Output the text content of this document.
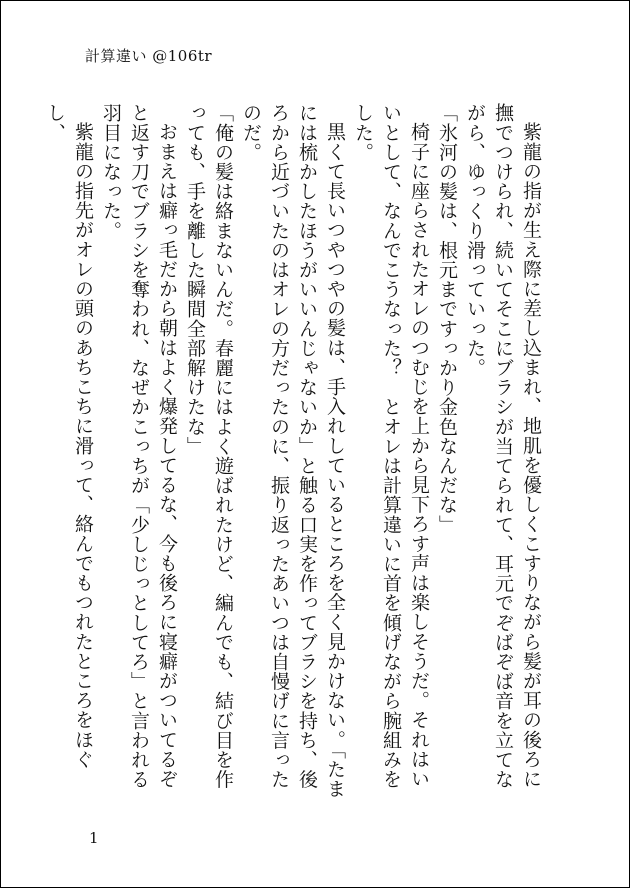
計算違い @106tr

紫龍の指が生え際に差し込まれ、地肌を優しくこすりながら髪が耳の後ろに撫でつけられ、続いてそこにブラシが当てられて、耳元でぞばぞば音を立てながら、ゆっくり滑っていった。

「氷河の髪は、根元まですっかり金色なんだな」

椅子に座らされたオレのつむじを上から見下ろす声は楽しそうだ。それはいいとして、なんでこうなった？　とオレは計算違いに首を傾げながら腕組みをした。

黒くて長いつやつやの髪は、手入れしているところを全く見かけない。「たまには梳かしたほうがいいんじゃないか」と触る口実を作ってブラシを持ち、後ろから近づいたのはオレの方だったのに、振り返ったあいつは自慢げに言ったのだ。

「俺の髪は絡まないんだ。春麗にはよく遊ばれたけど、編んでも、結び目を作っても、手を離した瞬間全部解けたな」

おまえは癖っ毛だから朝はよく爆発してるな、今も後ろに寝癖がついてるぞと返す刀でブラシを奪われ、なぜかこっちが「少しじっとしてろ」と言われる羽目になった。

紫龍の指先がオレの頭のあちこちに滑って、絡んでもつれたところをほぐし、

1
